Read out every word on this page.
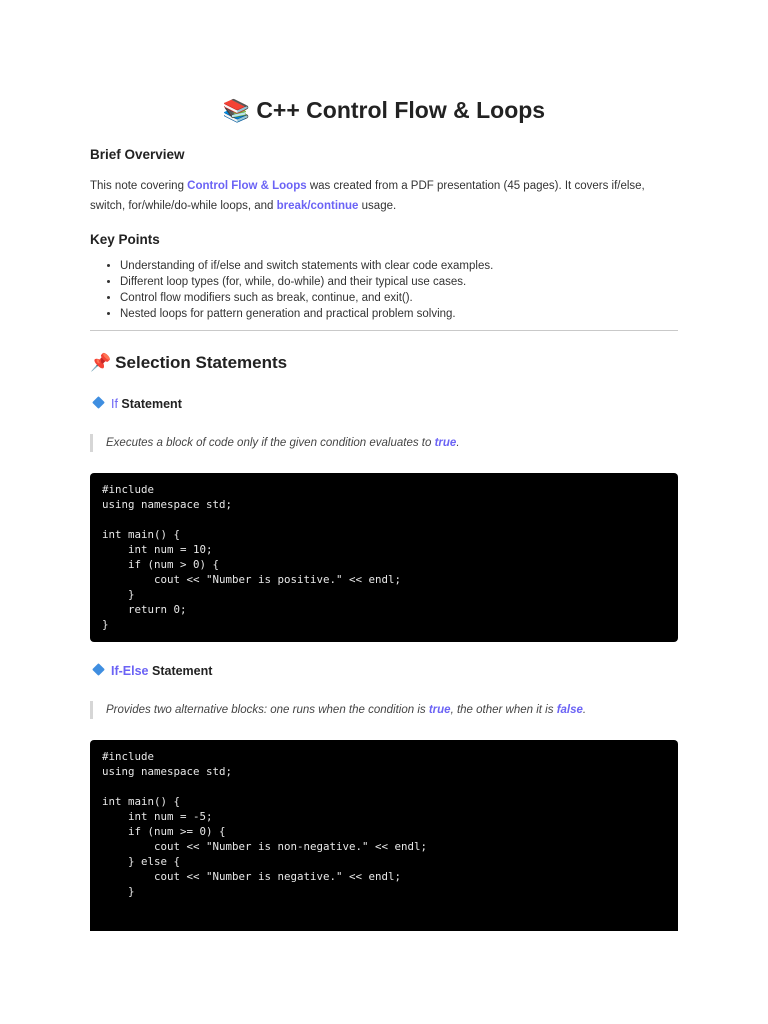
📚 C++ Control Flow & Loops
Brief Overview
This note covering Control Flow & Loops was created from a PDF presentation (45 pages). It covers if/else, switch, for/while/do-while loops, and break/continue usage.
Key Points
• Understanding of if/else and switch statements with clear code examples.
• Different loop types (for, while, do-while) and their typical use cases.
• Control flow modifiers such as break, continue, and exit().
• Nested loops for pattern generation and practical problem solving.
📌 Selection Statements
If Statement
Executes a block of code only if the given condition evaluates to true.
#include
using namespace std;

int main() {
int num = 10;
if (num > 0) {
cout << "Number is positive." << endl;
}
return 0;
}
If-Else Statement
Provides two alternative blocks: one runs when the condition is true, the other when it is false.
#include
using namespace std;

int main() {
int num = -5;
if (num >= 0) {
cout << "Number is non-negative." << endl;
} else {
cout << "Number is negative." << endl;
}
